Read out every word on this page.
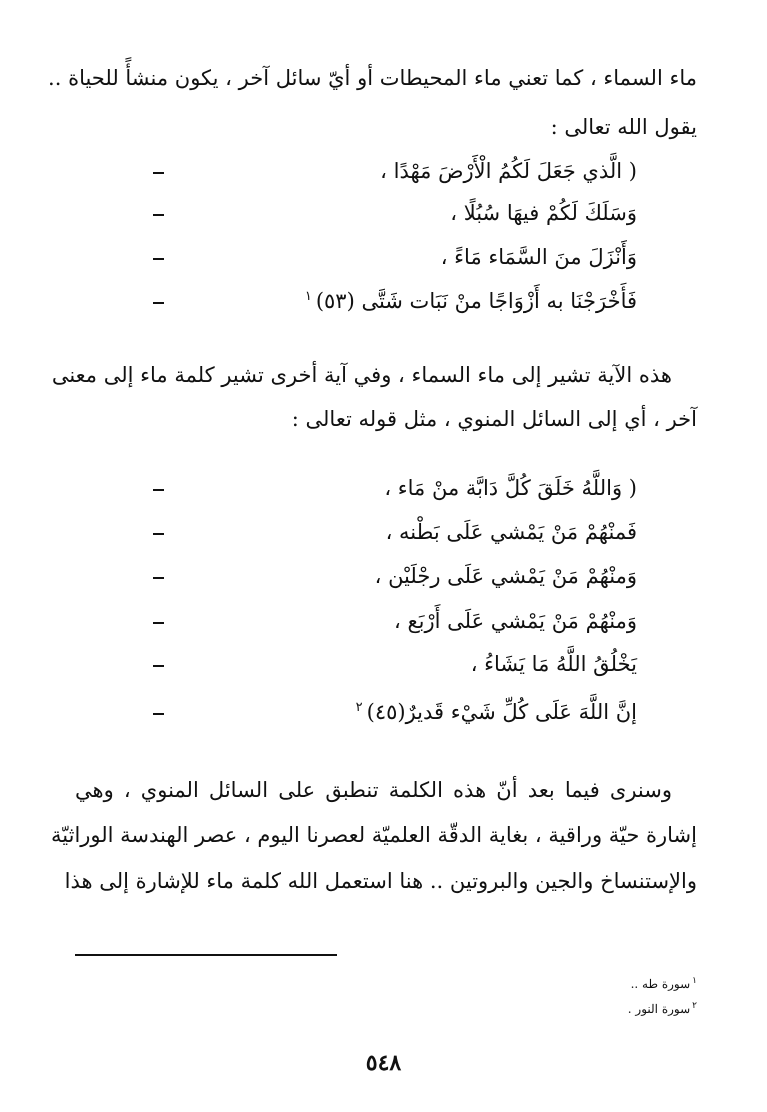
ماء السماء ، كما تعني ماء المحيطات أو أيّ سائل آخر ، يكون منشأً للحياة ..
يقول الله تعالى :
( الَّذي جَعَلَ لَكُمُ الْأَرْضَ مَهْدًا ،
وَسَلَكَ لَكُمْ فيهَا سُبُلًا ،
وَأَنْزَلَ منَ السَّمَاء مَاءً ،
فَأَخْرَجْنَا به أَزْوَاجًا منْ نَبَات شَتَّى (٥٣)$^١$
هذه الآية تشير إلى ماء السماء ، وفي آية أخرى تشير كلمة ماء إلى معنى
آخر ، أي إلى السائل المنوي ، مثل قوله تعالى :
( وَاللَّهُ خَلَقَ كُلَّ دَابَّة منْ مَاء ،
فَمنْهُمْ مَنْ يَمْشي عَلَى بَطْنه ،
وَمنْهُمْ مَنْ يَمْشي عَلَى رجْلَيْن ،
وَمنْهُمْ مَنْ يَمْشي عَلَى أَرْبَع ،
يَخْلُقُ اللَّهُ مَا يَشَاءُ ،
إنَّ اللَّهَ عَلَى كُلِّ شَيْء قَديرٌ(٤٥)$^٢$
وسنرى فيما بعد أنّ هذه الكلمة تنطبق على السائل المنوي ، وهي
إشارة حيّة وراقية ، بغاية الدقّة العلميّة لعصرنا اليوم ، عصر الهندسة الوراثيّة
والإستنساخ والجين والبروتين .. هنا استعمل الله كلمة ماء للإشارة إلى هذا
$^١$سورة طه ..
$^٢$سورة النور .
٥٤٨
